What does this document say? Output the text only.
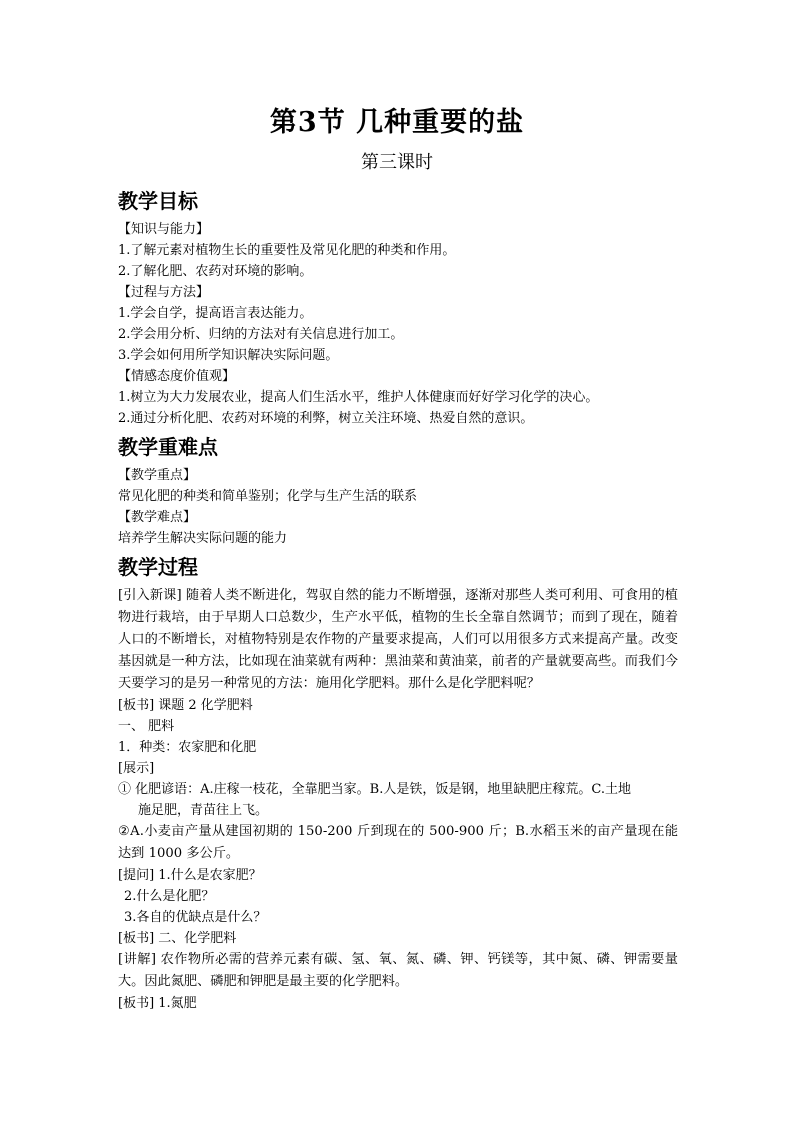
第3节 几种重要的盐
第三课时
教学目标
【知识与能力】
1.了解元素对植物生长的重要性及常见化肥的种类和作用。
2.了解化肥、农药对环境的影响。
【过程与方法】
1.学会自学，提高语言表达能力。
2.学会用分析、归纳的方法对有关信息进行加工。
3.学会如何用所学知识解决实际问题。
【情感态度价值观】
1.树立为大力发展农业，提高人们生活水平，维护人体健康而好好学习化学的决心。
2.通过分析化肥、农药对环境的利弊，树立关注环境、热爱自然的意识。
教学重难点
【教学重点】
常见化肥的种类和简单鉴别；化学与生产生活的联系
【教学难点】
培养学生解决实际问题的能力
教学过程
[引入新课] 随着人类不断进化，驾驭自然的能力不断增强，逐渐对那些人类可利用、可食用的植物进行栽培，由于早期人口总数少，生产水平低，植物的生长全靠自然调节；而到了现在，随着人口的不断增长，对植物特别是农作物的产量要求提高，人们可以用很多方式来提高产量。改变基因就是一种方法，比如现在油菜就有两种：黑油菜和黄油菜，前者的产量就要高些。而我们今天要学习的是另一种常见的方法：施用化学肥料。那什么是化学肥料呢？
[板书] 课题 2 化学肥料
一、 肥料
1．种类：农家肥和化肥
[展示]
① 化肥谚语：A.庄稼一枝花，全靠肥当家。B.人是铁，饭是钢，地里缺肥庄稼荒。C.土地
施足肥，青苗往上飞。
②A.小麦亩产量从建国初期的 150-200 斤到现在的 500-900 斤；B.水稻玉米的亩产量现在能达到 1000 多公斤。
[提问] 1.什么是农家肥？
2.什么是化肥？
3.各自的优缺点是什么？
[板书] 二、化学肥料
[讲解] 农作物所必需的营养元素有碳、氢、氧、氮、磷、钾、钙镁等，其中氮、磷、钾需要量大。因此氮肥、磷肥和钾肥是最主要的化学肥料。
[板书] 1.氮肥
